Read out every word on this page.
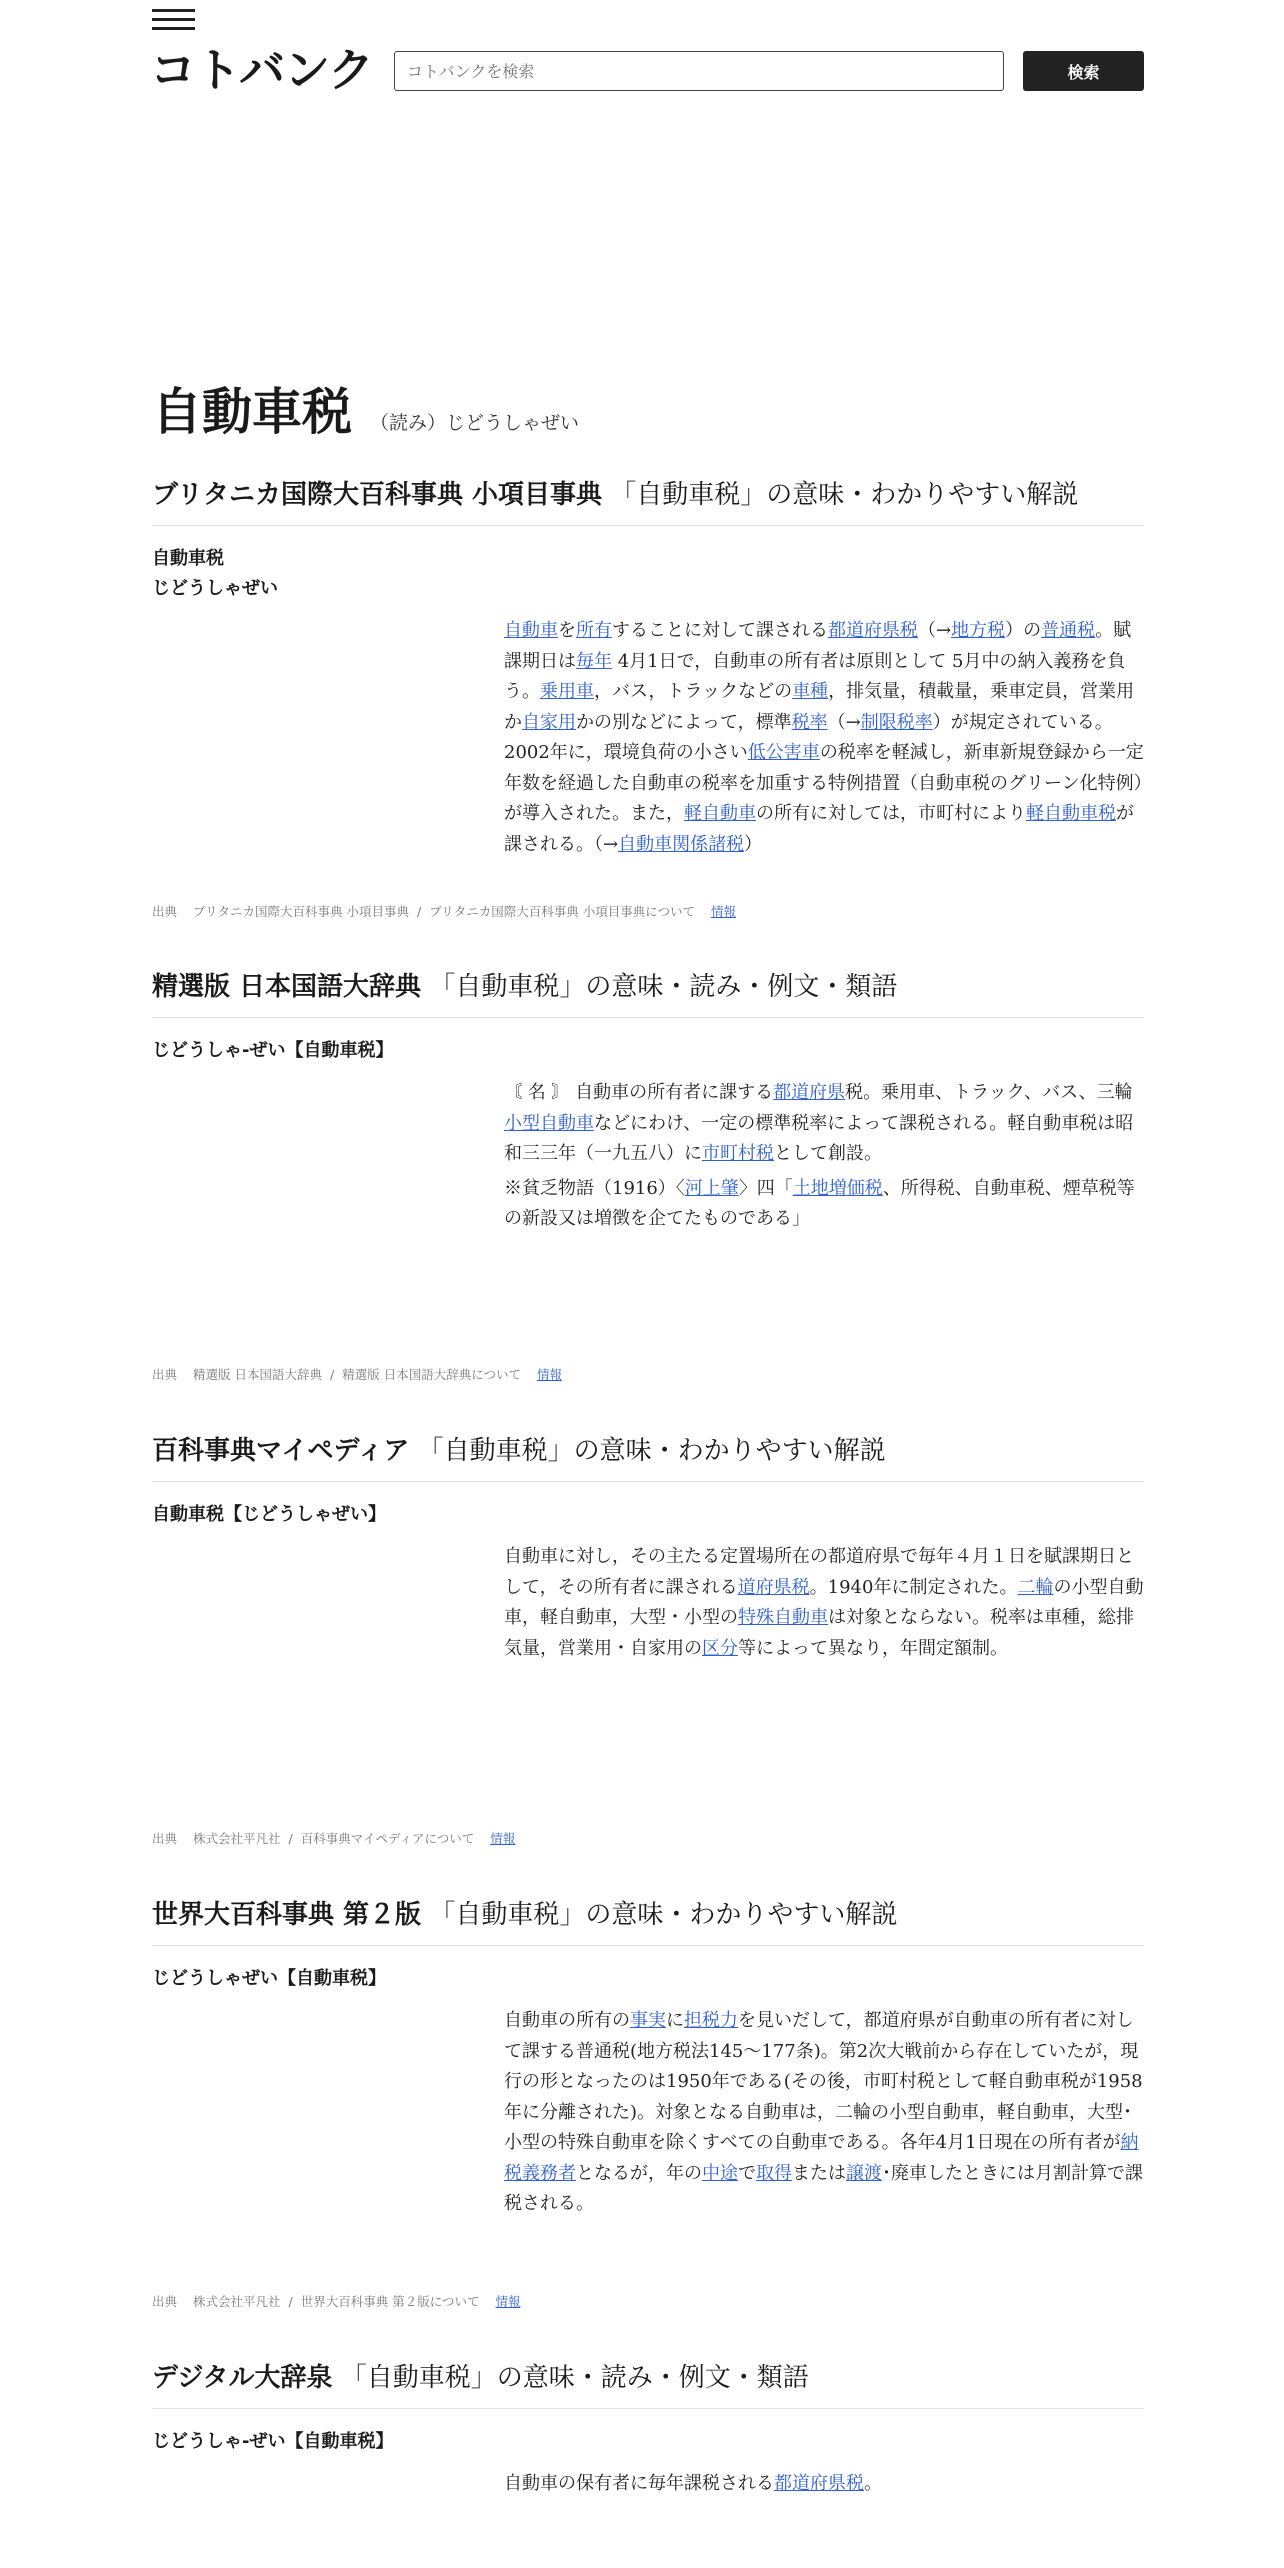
コトバンク
コトバンクを検索	検索
自動車税 （読み）じどうしゃぜい
ブリタニカ国際大百科事典 小項目事典 「自動車税」の意味・わかりやすい解説
自動車税
じどうしゃぜい

自動車を所有することに対して課される都道府県税（→地方税）の普通税。賦課期日は毎年 4月1日で，自動車の所有者は原則として 5月中の納入義務を負う。乗用車，バス，トラックなどの車種，排気量，積載量，乗車定員，営業用か自家用かの別などによって，標準税率（→制限税率）が規定されている。2002年に，環境負荷の小さい低公害車の税率を軽減し，新車新規登録から一定年数を経過した自動車の税率を加重する特例措置（自動車税のグリーン化特例）が導入された。また，軽自動車の所有に対しては，市町村により軽自動車税が課される。（→自動車関係諸税）

出典 ブリタニカ国際大百科事典 小項目事典 / ブリタニカ国際大百科事典 小項目事典について 情報
精選版 日本国語大辞典 「自動車税」の意味・読み・例文・類語
じどうしゃ‐ぜい【自動車税】

〘 名 〙 自動車の所有者に課する都道府県税。乗用車、トラック、バス、三輪小型自動車などにわけ、一定の標準税率によって課税される。軽自動車税は昭和三三年（一九五八）に市町村税として創設。

※貧乏物語（1916）〈河上肇〉四「土地増価税、所得税、自動車税、煙草税等の新設又は増徴を企てたものである」

出典 精選版 日本国語大辞典 / 精選版 日本国語大辞典について 情報
百科事典マイペディア 「自動車税」の意味・わかりやすい解説
自動車税【じどうしゃぜい】

自動車に対し，その主たる定置場所在の都道府県で毎年４月１日を賦課期日として，その所有者に課される道府県税。1940年に制定された。二輪の小型自動車，軽自動車，大型・小型の特殊自動車は対象とならない。税率は車種，総排気量，営業用・自家用の区分等によって異なり，年間定額制。

出典 株式会社平凡社 / 百科事典マイペディアについて 情報
世界大百科事典 第２版 「自動車税」の意味・わかりやすい解説
じどうしゃぜい【自動車税】

自動車の所有の事実に担税力を見いだして，都道府県が自動車の所有者に対して課する普通税(地方税法145～177条)。第2次大戦前から存在していたが，現行の形となったのは1950年である(その後，市町村税として軽自動車税が1958年に分離された)。対象となる自動車は，二輪の小型自動車，軽自動車，大型･小型の特殊自動車を除くすべての自動車である。各年4月1日現在の所有者が納税義務者となるが，年の中途で取得または譲渡･廃車したときには月割計算で課税される。

出典 株式会社平凡社 / 世界大百科事典 第２版について 情報
デジタル大辞泉 「自動車税」の意味・読み・例文・類語
じどうしゃ‐ぜい【自動車税】

自動車の保有者に毎年課税される都道府県税。
